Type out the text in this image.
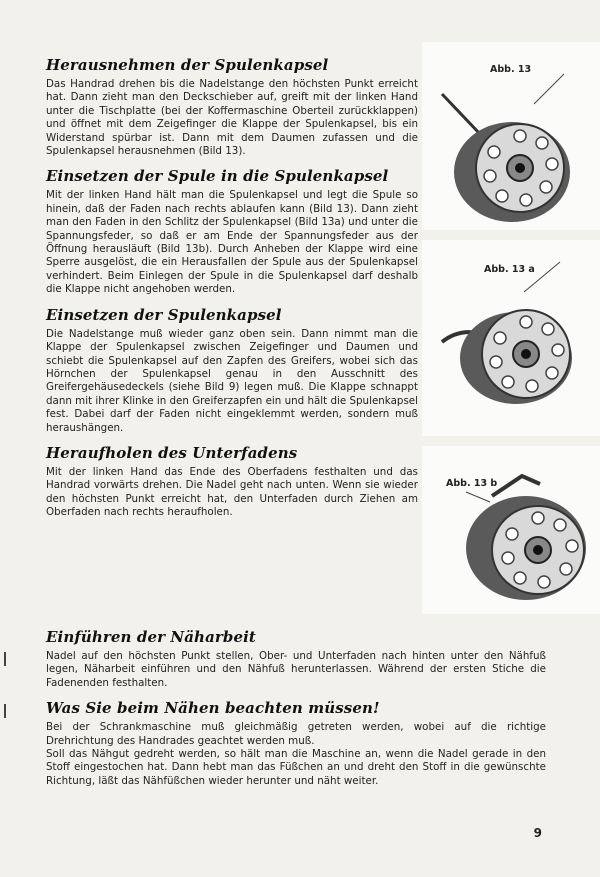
Herausnehmen der Spulenkapsel

Das Handrad drehen bis die Nadelstange den höchsten Punkt erreicht hat. Dann zieht man den Deckschieber auf, greift mit der linken Hand unter die Tischplatte (bei der Koffermaschine Oberteil zurückklappen) und öffnet mit dem Zeigefinger die Klappe der Spulenkapsel, bis ein Widerstand spürbar ist. Dann mit dem Daumen zufassen und die Spulenkapsel herausnehmen (Bild 13).

Einsetzen der Spule in die Spulenkapsel

Mit der linken Hand hält man die Spulenkapsel und legt die Spule so hinein, daß der Faden nach rechts ablaufen kann (Bild 13). Dann zieht man den Faden in den Schlitz der Spulenkapsel (Bild 13a) und unter die Spannungsfeder, so daß er am Ende der Spannungsfeder aus der Öffnung herausläuft (Bild 13b). Durch Anheben der Klappe wird eine Sperre ausgelöst, die ein Herausfallen der Spule aus der Spulenkapsel verhindert. Beim Einlegen der Spule in die Spulenkapsel darf deshalb die Klappe nicht angehoben werden.

Einsetzen der Spulenkapsel

Die Nadelstange muß wieder ganz oben sein. Dann nimmt man die Klappe der Spulenkapsel zwischen Zeigefinger und Daumen und schiebt die Spulenkapsel auf den Zapfen des Greifers, wobei sich das Hörnchen der Spulenkapsel genau in den Ausschnitt des Greifergehäusedeckels (siehe Bild 9) legen muß. Die Klappe schnappt dann mit ihrer Klinke in den Greiferzapfen ein und hält die Spulenkapsel fest. Dabei darf der Faden nicht eingeklemmt werden, sondern muß heraushängen.

Heraufholen des Unterfadens

Mit der linken Hand das Ende des Oberfadens festhalten und das Handrad vorwärts drehen. Die Nadel geht nach unten. Wenn sie wieder den höchsten Punkt erreicht hat, den Unterfaden durch Ziehen am Oberfaden nach rechts heraufholen.

Einführen der Näharbeit

Nadel auf den höchsten Punkt stellen, Ober- und Unterfaden nach hinten unter den Nähfuß legen, Näharbeit einführen und den Nähfuß herunterlassen. Während der ersten Stiche die Fadenenden festhalten.

Was Sie beim Nähen beachten müssen!

Bei der Schrankmaschine muß gleichmäßig getreten werden, wobei auf die richtige Drehrichtung des Handrades geachtet werden muß.

Soll das Nähgut gedreht werden, so hält man die Maschine an, wenn die Nadel gerade in den Stoff eingestochen hat. Dann hebt man das Füßchen an und dreht den Stoff in die gewünschte Richtung, läßt das Nähfüßchen wieder herunter und näht weiter.

Abb. 13
Abb. 13 a
Abb. 13 b
9
